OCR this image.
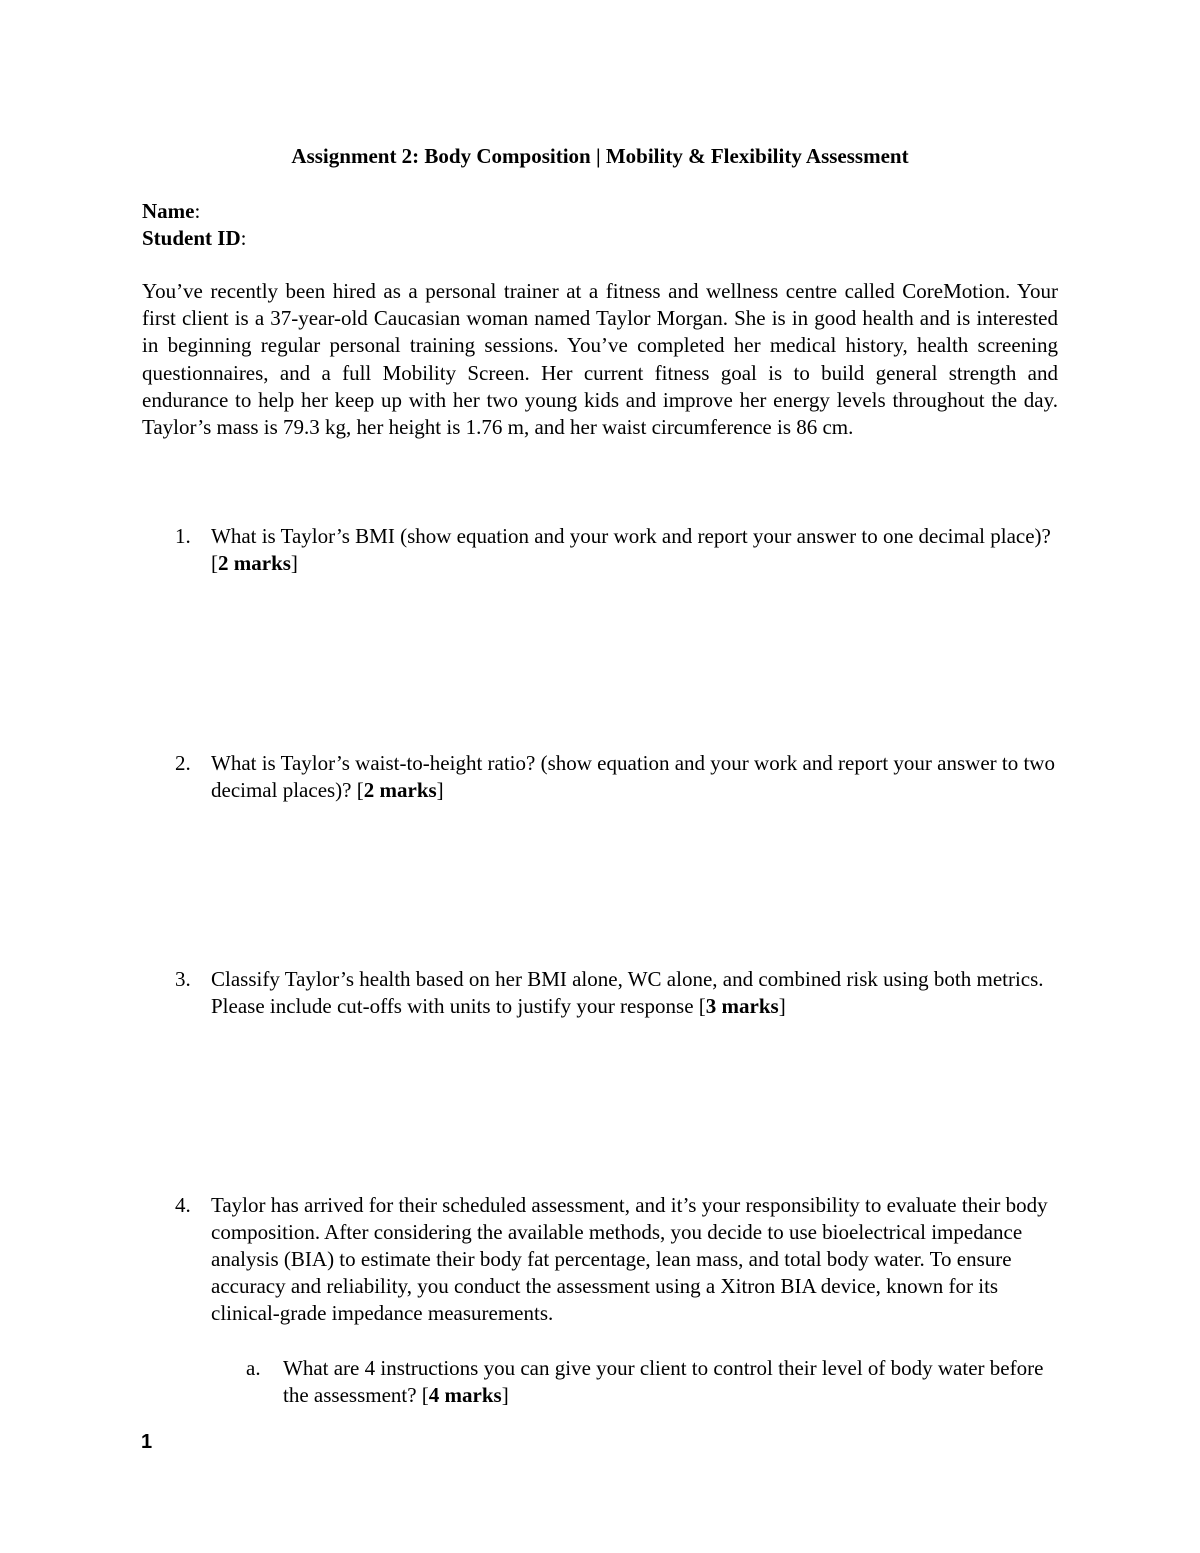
Assignment 2: Body Composition | Mobility & Flexibility Assessment
Name:
Student ID:
You’ve recently been hired as a personal trainer at a fitness and wellness centre called CoreMotion. Your first client is a 37-year-old Caucasian woman named Taylor Morgan. She is in good health and is interested in beginning regular personal training sessions. You’ve completed her medical history, health screening questionnaires, and a full Mobility Screen. Her current fitness goal is to build general strength and endurance to help her keep up with her two young kids and improve her energy levels throughout the day. Taylor’s mass is 79.3 kg, her height is 1.76 m, and her waist circumference is 86 cm.
1. What is Taylor’s BMI (show equation and your work and report your answer to one decimal place)? [2 marks]
2. What is Taylor’s waist-to-height ratio? (show equation and your work and report your answer to two decimal places)? [2 marks]
3. Classify Taylor’s health based on her BMI alone, WC alone, and combined risk using both metrics. Please include cut-offs with units to justify your response [3 marks]
4. Taylor has arrived for their scheduled assessment, and it’s your responsibility to evaluate their body composition. After considering the available methods, you decide to use bioelectrical impedance analysis (BIA) to estimate their body fat percentage, lean mass, and total body water. To ensure accuracy and reliability, you conduct the assessment using a Xitron BIA device, known for its clinical-grade impedance measurements.
a. What are 4 instructions you can give your client to control their level of body water before the assessment? [4 marks]
1
